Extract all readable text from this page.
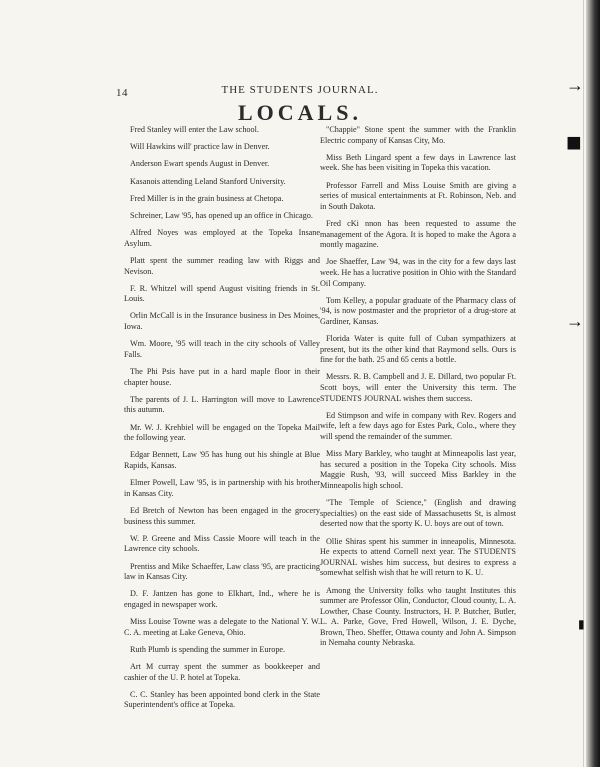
→
■
→
▮
14	THE STUDENTS JOURNAL.
LOCALS.

Fred Stanley will enter the Law school.

Will Hawkins will' practice law in Denver.

Anderson Ewart spends August in Denver.

Kasanois attending Leland Stanford University.

Fred Miller is in the grain business at Chetopa.

Schreiner, Law '95, has opened up an office in Chicago.

Alfred Noyes was employed at the Topeka Insane Asylum.

Platt spent the summer reading law with Riggs and Nevison.

F. R. Whitzel will spend August visiting friends in St. Louis.

Orlin McCall is in the Insurance business in Des Moines, Iowa.

Wm. Moore, '95 will teach in the city schools of Valley Falls.

The Phi Psis have put in a hard maple floor in their chapter house.

The parents of J. L. Harrington will move to Lawrence this autumn.

Mr. W. J. Krehbiel will be engaged on the Topeka Mail the following year.

Edgar Bennett, Law '95 has hung out his shingle at Blue Rapids, Kansas.

Elmer Powell, Law '95, is in partnership with his brother in Kansas City.

Ed Bretch of Newton has been engaged in the grocery business this summer.

W. P. Greene and Miss Cassie Moore will teach in the Lawrence city schools.

Prentiss and Mike Schaeffer, Law class '95, are practicing law in Kansas City.

D. F. Jantzen has gone to Elkhart, Ind., where he is engaged in newspaper work.

Miss Louise Towne was a delegate to the National Y. W. C. A. meeting at Lake Geneva, Ohio.

Ruth Plumb is spending the summer in Europe.

Art M curray spent the summer as bookkeeper and cashier of the U. P. hotel at Topeka.

C. C. Stanley has been appointed bond clerk in the State Superintendent's office at Topeka.

"Chappie" Stone spent the summer with the Franklin Electric company of Kansas City, Mo.

Miss Beth Lingard spent a few days in Lawrence last week. She has been visiting in Topeka this vacation.

Professor Farrell and Miss Louise Smith are giving a series of musical entertainments at Ft. Robinson, Neb. and in South Dakota.

Fred cKi nnon has been requested to assume the management of the Agora. It is hoped to make the Agora a montly magazine.

Joe Shaeffer, Law '94, was in the city for a few days last week. He has a lucrative position in Ohio with the Standard Oil Company.

Tom Kelley, a popular graduate of the Pharmacy class of '94, is now postmaster and the proprietor of a drug-store at Gardiner, Kansas.

Florida Water is quite full of Cuban sympathizers at present, but its the other kind that Raymond sells. Ours is fine for the bath. 25 and 65 cents a bottle.

Messrs. R. B. Campbell and J. E. Dillard, two popular Ft. Scott boys, will enter the University this term. The STUDENTS JOURNAL wishes them success.

Ed Stimpson and wife in company with Rev. Rogers and wife, left a few days ago for Estes Park, Colo., where they will spend the remainder of the summer.

Miss Mary Barkley, who taught at Minneapolis last year, has secured a position in the Topeka City schools. Miss Maggie Rush, '93, will succeed Miss Barkley in the Minneapolis high school.

"The Temple of Science," (English and drawing specialties) on the east side of Massachusetts St, is almost deserted now that the sporty K. U. boys are out of town.

Ollie Shiras spent his summer in inneapolis, Minnesota. He expects to attend Cornell next year. The STUDENTS JOURNAL wishes him success, but desires to express a somewhat selfish wish that he will return to K. U.

Among the University folks who taught Institutes this summer are Professor Olin, Conductor, Cloud county, L. A. Lowther, Chase County. Instructors, H. P. Butcher, Butler, L. A. Parke, Gove, Fred Howell, Wilson, J. E. Dyche, Brown, Theo. Sheffer, Ottawa county and John A. Simpson in Nemaha county Nebraska.
